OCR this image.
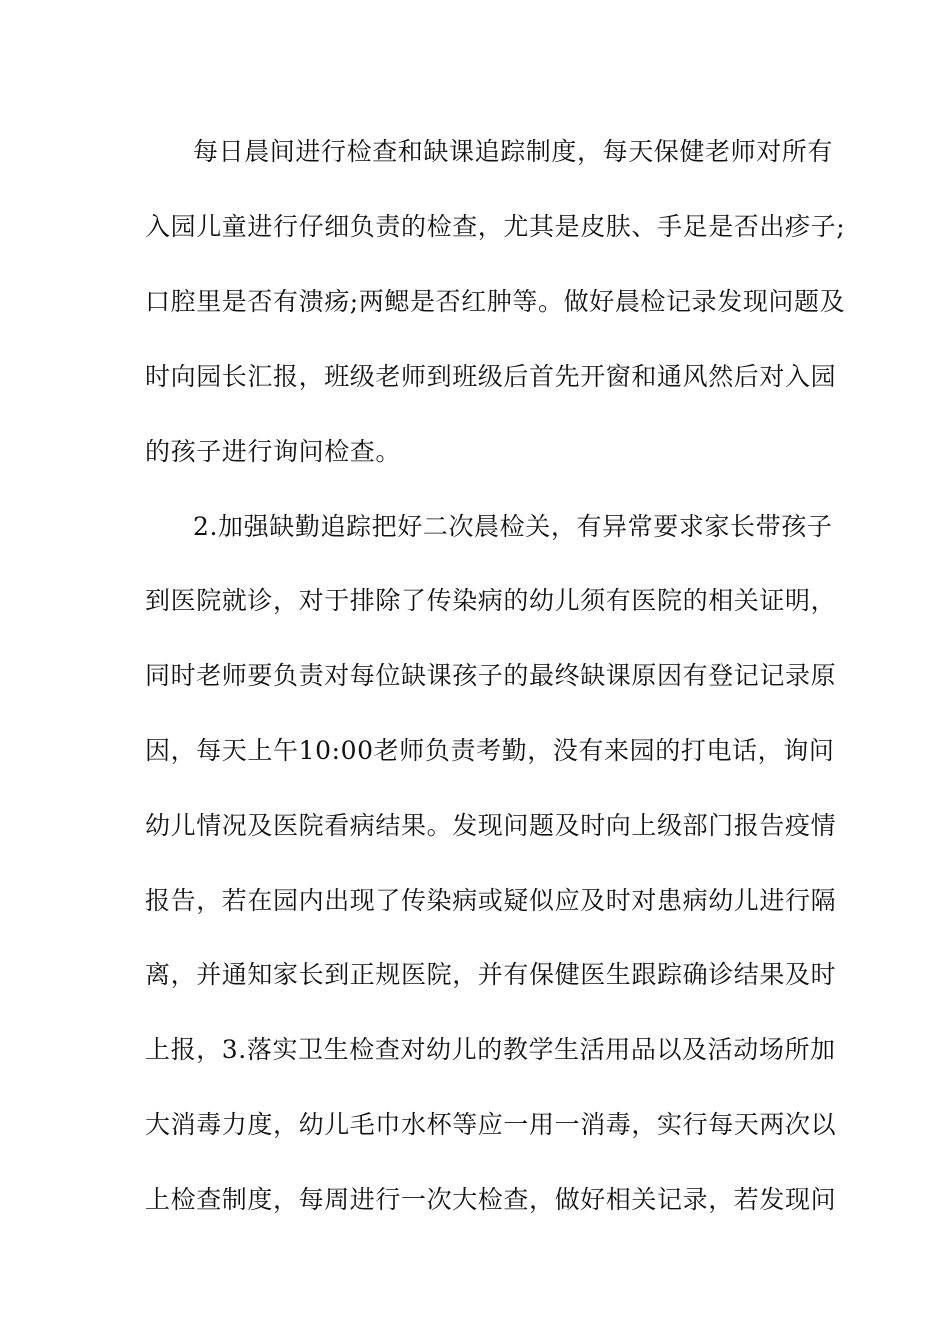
每日晨间进行检查和缺课追踪制度，每天保健老师对所有
入园儿童进行仔细负责的检查，尤其是皮肤、手足是否出疹子;
口腔里是否有溃疡;两鳃是否红肿等。做好晨检记录发现问题及
时向园长汇报，班级老师到班级后首先开窗和通风然后对入园
的孩子进行询问检查。
2.加强缺勤追踪把好二次晨检关，有异常要求家长带孩子
到医院就诊，对于排除了传染病的幼儿须有医院的相关证明，
同时老师要负责对每位缺课孩子的最终缺课原因有登记记录原
因，每天上午10:00老师负责考勤，没有来园的打电话，询问
幼儿情况及医院看病结果。发现问题及时向上级部门报告疫情
报告，若在园内出现了传染病或疑似应及时对患病幼儿进行隔
离，并通知家长到正规医院，并有保健医生跟踪确诊结果及时
上报，3.落实卫生检查对幼儿的教学生活用品以及活动场所加
大消毒力度，幼儿毛巾水杯等应一用一消毒，实行每天两次以
上检查制度，每周进行一次大检查，做好相关记录，若发现问
